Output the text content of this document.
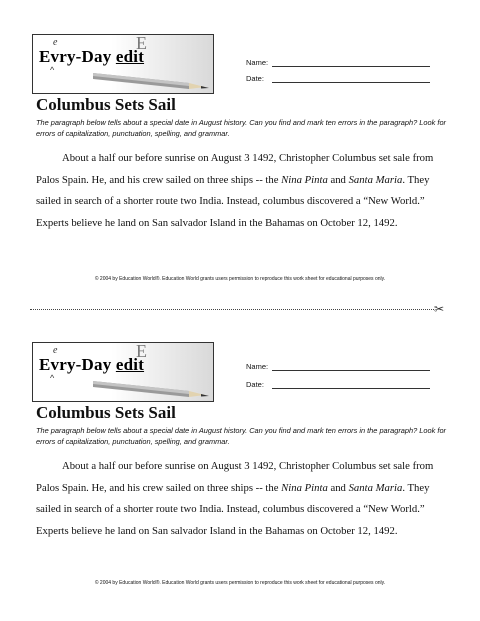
e
^
E
Evry-Day edit	Name:
Date:
Columbus Sets Sail
The paragraph below tells about a special date in August history. Can you find and mark ten errors in the paragraph? Look for errors of capitalization, punctuation, spelling, and grammar.

About a half our before sunrise on August 3 1492, Christopher Columbus set sale from Palos Spain. He, and his crew sailed on three ships -- the Nina Pinta and Santa Maria. They sailed in search of a shorter route two India. Instead, columbus discovered a “New World.” Experts believe he land on San salvador Island in the Bahamas on October 12, 1492.

© 2004 by Education World®. Education World grants users permission to reproduce this work sheet for educational purposes only.
✂
e
^
E
Evry-Day edit	Name:
Date:
Columbus Sets Sail
The paragraph below tells about a special date in August history. Can you find and mark ten errors in the paragraph? Look for errors of capitalization, punctuation, spelling, and grammar.

About a half our before sunrise on August 3 1492, Christopher Columbus set sale from Palos Spain. He, and his crew sailed on three ships -- the Nina Pinta and Santa Maria. They sailed in search of a shorter route two India. Instead, columbus discovered a “New World.” Experts believe he land on San salvador Island in the Bahamas on October 12, 1492.

© 2004 by Education World®. Education World grants users permission to reproduce this work sheet for educational purposes only.
